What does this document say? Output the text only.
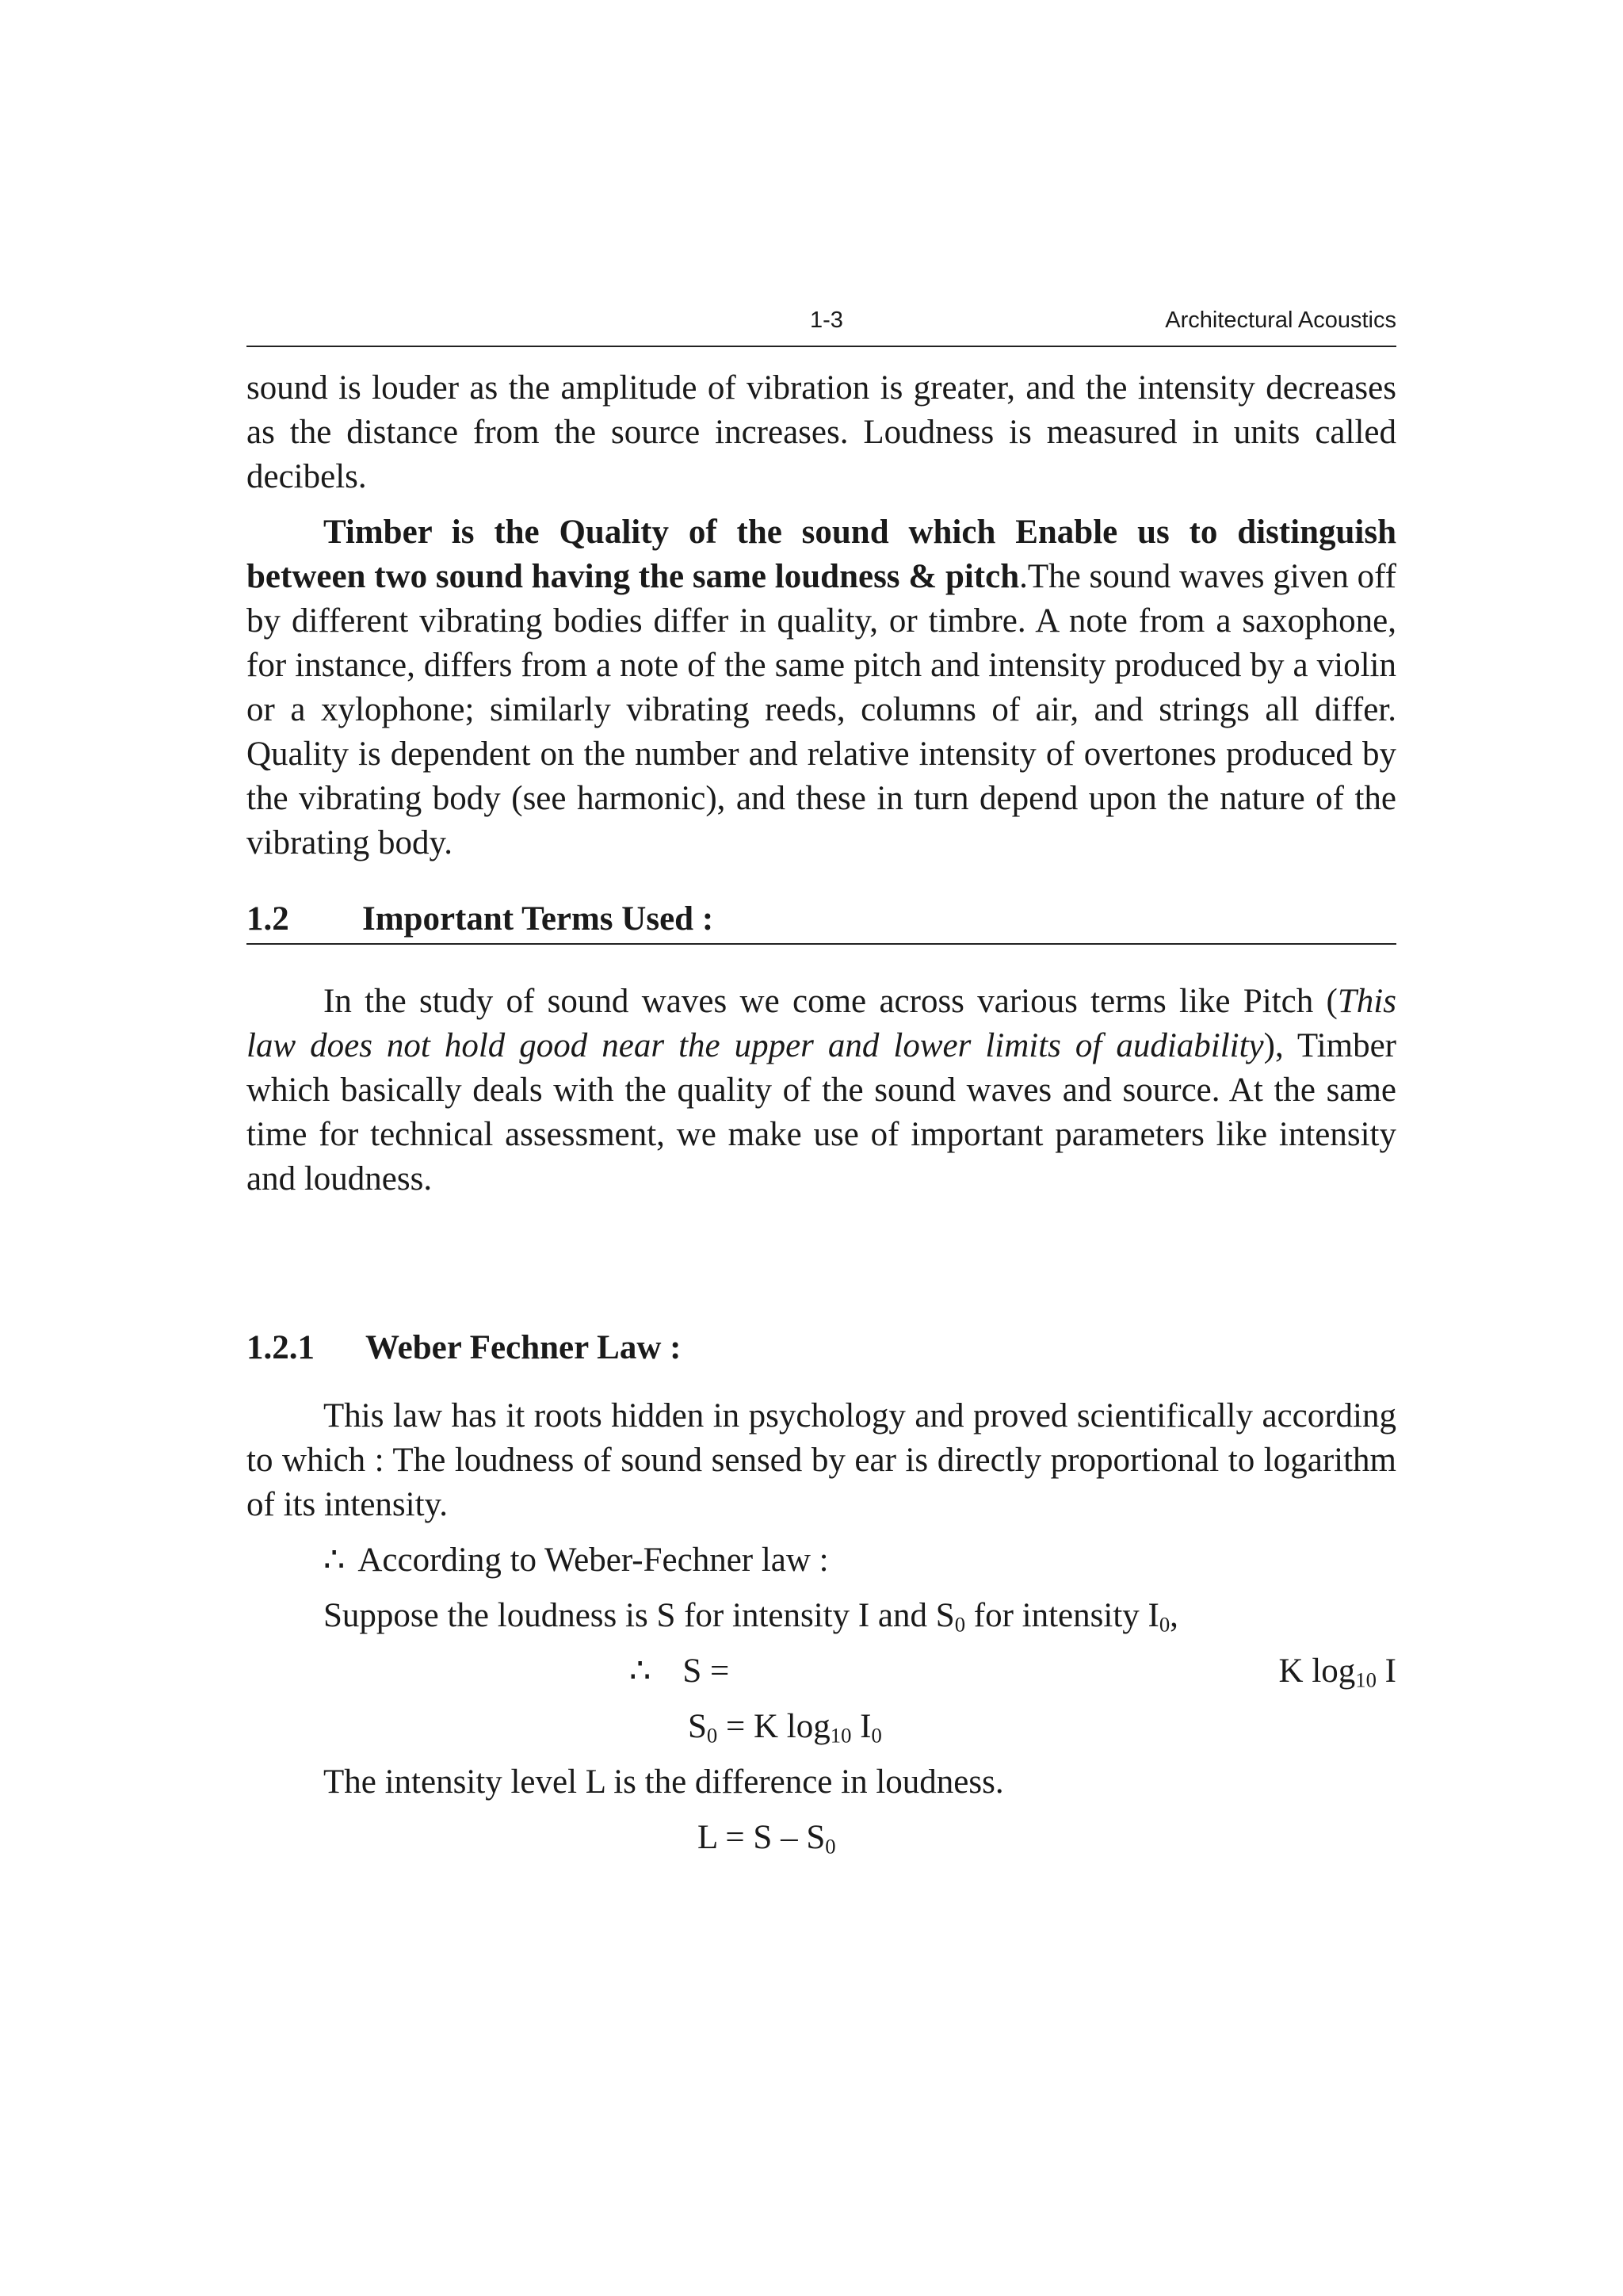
1-3	Architectural Acoustics

sound is louder as the amplitude of vibration is greater, and the intensity decreases as the distance from the source increases. Loudness is measured in units called decibels.

Timber is the Quality of the sound which Enable us to distinguish between two sound having the same loudness & pitch.The sound waves given off by different vibrating bodies differ in quality, or timbre. A note from a saxophone, for instance, differs from a note of the same pitch and intensity produced by a violin or a xylophone; similarly vibrating reeds, columns of air, and strings all differ. Quality is dependent on the number and relative intensity of overtones produced by the vibrating body (see harmonic), and these in turn depend upon the nature of the vibrating body.

1.2 Important Terms Used :

In the study of sound waves we come across various terms like Pitch (This law does not hold good near the upper and lower limits of audiability), Timber which basically deals with the quality of the sound waves and source. At the same time for technical assessment, we make use of important parameters like intensity and loudness.

1.2.1 Weber Fechner Law :

This law has it roots hidden in psychology and proved scientifically according to which : The loudness of sound sensed by ear is directly proportional to logarithm of its intensity.

∴ According to Weber-Fechner law :
Suppose the loudness is S for intensity I and $S_0$ for intensity $I_0$,
∴ S =	K $\log_{10} I$
$S_0 = K$ $\log_{10} I_0$
The intensity level L is the difference in loudness.
$L = S - S_0$
